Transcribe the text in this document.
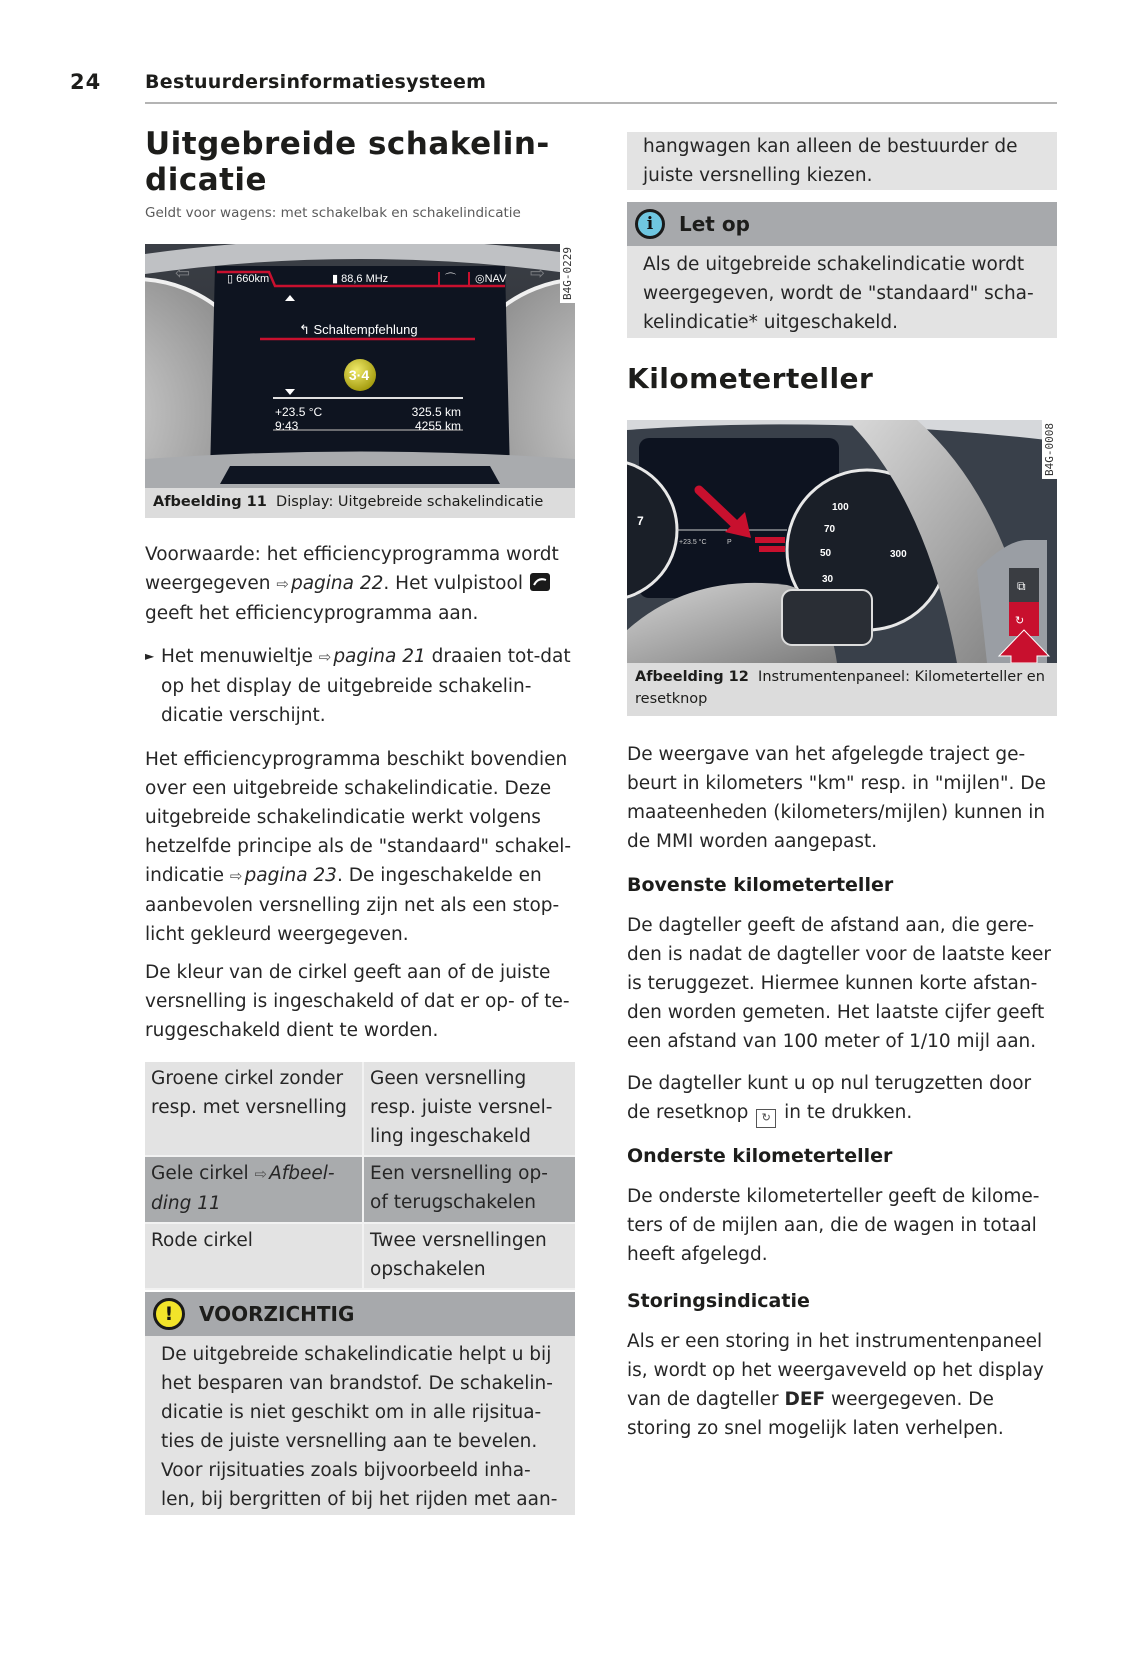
24 Bestuurdersinformatiesysteem
Uitgebreide schakelin-
dicatie
Geldt voor wagens: met schakelbak en schakelindicatie
3·4
▯ 660km	▮ 88,6 MHz	⌒ ◎NAV
↰ Schaltempfehlung
+23.5 °C
9:43
325.5 km
4255 km
⇦	⇨ B4G-0229
Afbeelding 11 Display: Uitgebreide schakelindicatie

Voorwaarde: het efficiencyprogramma wordt weergegeven ⇨ pagina 22. Het vulpistool  geeft het efficiencyprogramma aan.

► Het menuwieltje ⇨ pagina 21 draaien tot-dat op het display de uitgebreide schakelin-dicatie verschijnt.

Het efficiencyprogramma beschikt bovendien over een uitgebreide schakelindicatie. Deze uitgebreide schakelindicatie werkt volgens hetzelfde principe als de "standaard" schakel-indicatie ⇨ pagina 23. De ingeschakelde en aanbevolen versnelling zijn net als een stop-licht gekleurd weergegeven.

De kleur van de cirkel geeft aan of de juiste versnelling is ingeschakeld of dat er op- of te-ruggeschakeld dient te worden.

Groene cirkel zonder resp. met versnelling	Geen versnelling resp. juiste versnel-ling ingeschakeld
Gele cirkel ⇨ Afbeel-ding 11	Een versnelling op- of terugschakelen
Rode cirkel	Twee versnellingen opschakelen
!	VOORZICHTIG
De uitgebreide schakelindicatie helpt u bij het besparen van brandstof. De schakelin-dicatie is niet geschikt om in alle rijsitua-ties de juiste versnelling aan te bevelen. Voor rijsituaties zoals bijvoorbeeld inha-len, bij bergritten of bij het rijden met aan-
hangwagen kan alleen de bestuurder de juiste versnelling kiezen.
i	Let op
Als de uitgebreide schakelindicatie wordt weergegeven, wordt de "standaard" scha-kelindicatie* uitgeschakeld.
Kilometerteller
100
70
50
30
300
7
+23.5 °C	P
⧉
↻
B4G-0008
Afbeelding 12 Instrumentenpaneel: Kilometerteller en resetknop

De weergave van het afgelegde traject ge-beurt in kilometers "km" resp. in "mijlen". De maateenheden (kilometers/mijlen) kunnen in de MMI worden aangepast.

Bovenste kilometerteller

De dagteller geeft de afstand aan, die gere-den is nadat de dagteller voor de laatste keer is teruggezet. Hiermee kunnen korte afstan-den worden gemeten. Het laatste cijfer geeft een afstand van 100 meter of 1/10 mijl aan.

De dagteller kunt u op nul terugzetten door de resetknop ↻ in te drukken.

Onderste kilometerteller

De onderste kilometerteller geeft de kilome-ters of de mijlen aan, die de wagen in totaal heeft afgelegd.

Storingsindicatie

Als er een storing in het instrumentenpaneel is, wordt op het weergaveveld op het display van de dagteller DEF weergegeven. De storing zo snel mogelijk laten verhelpen.
